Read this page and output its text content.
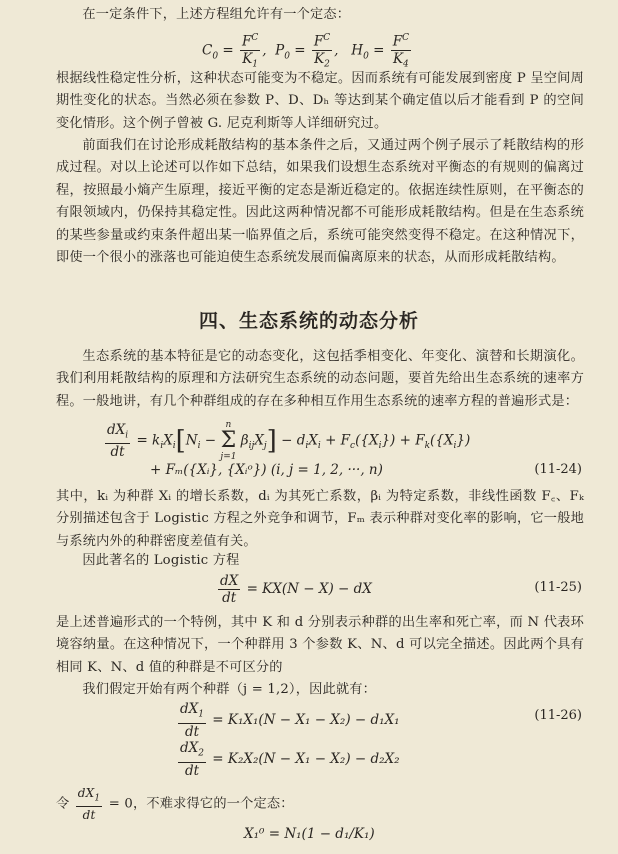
在一定条件下，上述方程组允许有一个定态：

$C_0 = \frac{F^C}{K_1}$ ,  $P_0 = \frac{F^C}{K_2}$ ,   $H_0 = \frac{F^C}{K_4}$

根据线性稳定性分析，这种状态可能变为不稳定。因而系统有可能发展到密度 P 呈空间周期性变化的状态。当然必须在参数 P、D、Dₕ 等达到某个确定值以后才能看到 P 的空间变化情形。这个例子曾被 G. 尼克利斯等人详细研究过。

前面我们在讨论形成耗散结构的基本条件之后，又通过两个例子展示了耗散结构的形成过程。对以上论述可以作如下总结，如果我们设想生态系统对平衡态的有规则的偏离过程，按照最小熵产生原理，接近平衡的定态是渐近稳定的。依据连续性原则，在平衡态的有限领域内，仍保持其稳定性。因此这两种情况都不可能形成耗散结构。但是在生态系统的某些参量或约束条件超出某一临界值之后，系统可能突然变得不稳定。在这种情况下，即使一个很小的涨落也可能迫使生态系统发展而偏离原来的状态，从而形成耗散结构。

四、生态系统的动态分析

生态系统的基本特征是它的动态变化，这包括季相变化、年变化、演替和长期演化。我们利用耗散结构的原理和方法研究生态系统的动态问题，要首先给出生态系统的速率方程。一般地讲，有几个种群组成的存在多种相互作用生态系统的速率方程的普遍形式是：

$\frac{dX_i}{dt} = k_iX_i[N_i$ −
n
Σ
j=1
$\beta_{ij}X_j] - d_iX_i + F_c(\{X_i\}) + F_k(\{X_i\})$
+ Fₘ({Xᵢ}, {Xᵢᵒ}) (i, j = 1, 2, ···, n)	(11-24)

其中，kᵢ 为种群 Xᵢ 的增长系数，dᵢ 为其死亡系数，βᵢ 为特定系数，非线性函数 F꜀、Fₖ 分别描述包含于 Logistic 方程之外竞争和调节，Fₘ 表示种群对变化率的影响，它一般地与系统内外的种群密度差值有关。

因此著名的 Logistic 方程

$\frac{dX}{dt} = KX(N - X)$ − dX	(11-25)

是上述普遍形式的一个特例，其中 K 和 d 分别表示种群的出生率和死亡率，而 N 代表环境容纳量。在这种情况下，一个种群用 3 个参数 K、N、d 可以完全描述。因此两个具有相同 K、N、d 值的种群是不可区分的

我们假定开始有两个种群（j = 1,2），因此就有：

$\frac{dX_1}{dt} = K_1X_1(N - X_1 - X_2) - d_1X_1$	(11-26)
$\frac{dX_2}{dt} = K_2X_2(N - X_1 - X_2) - d_2X_2$
令 $\frac{dX_1}{dt} = 0$，不难求得它的一个定态：
X₁⁰ = N₁(1 − d₁/K₁)
